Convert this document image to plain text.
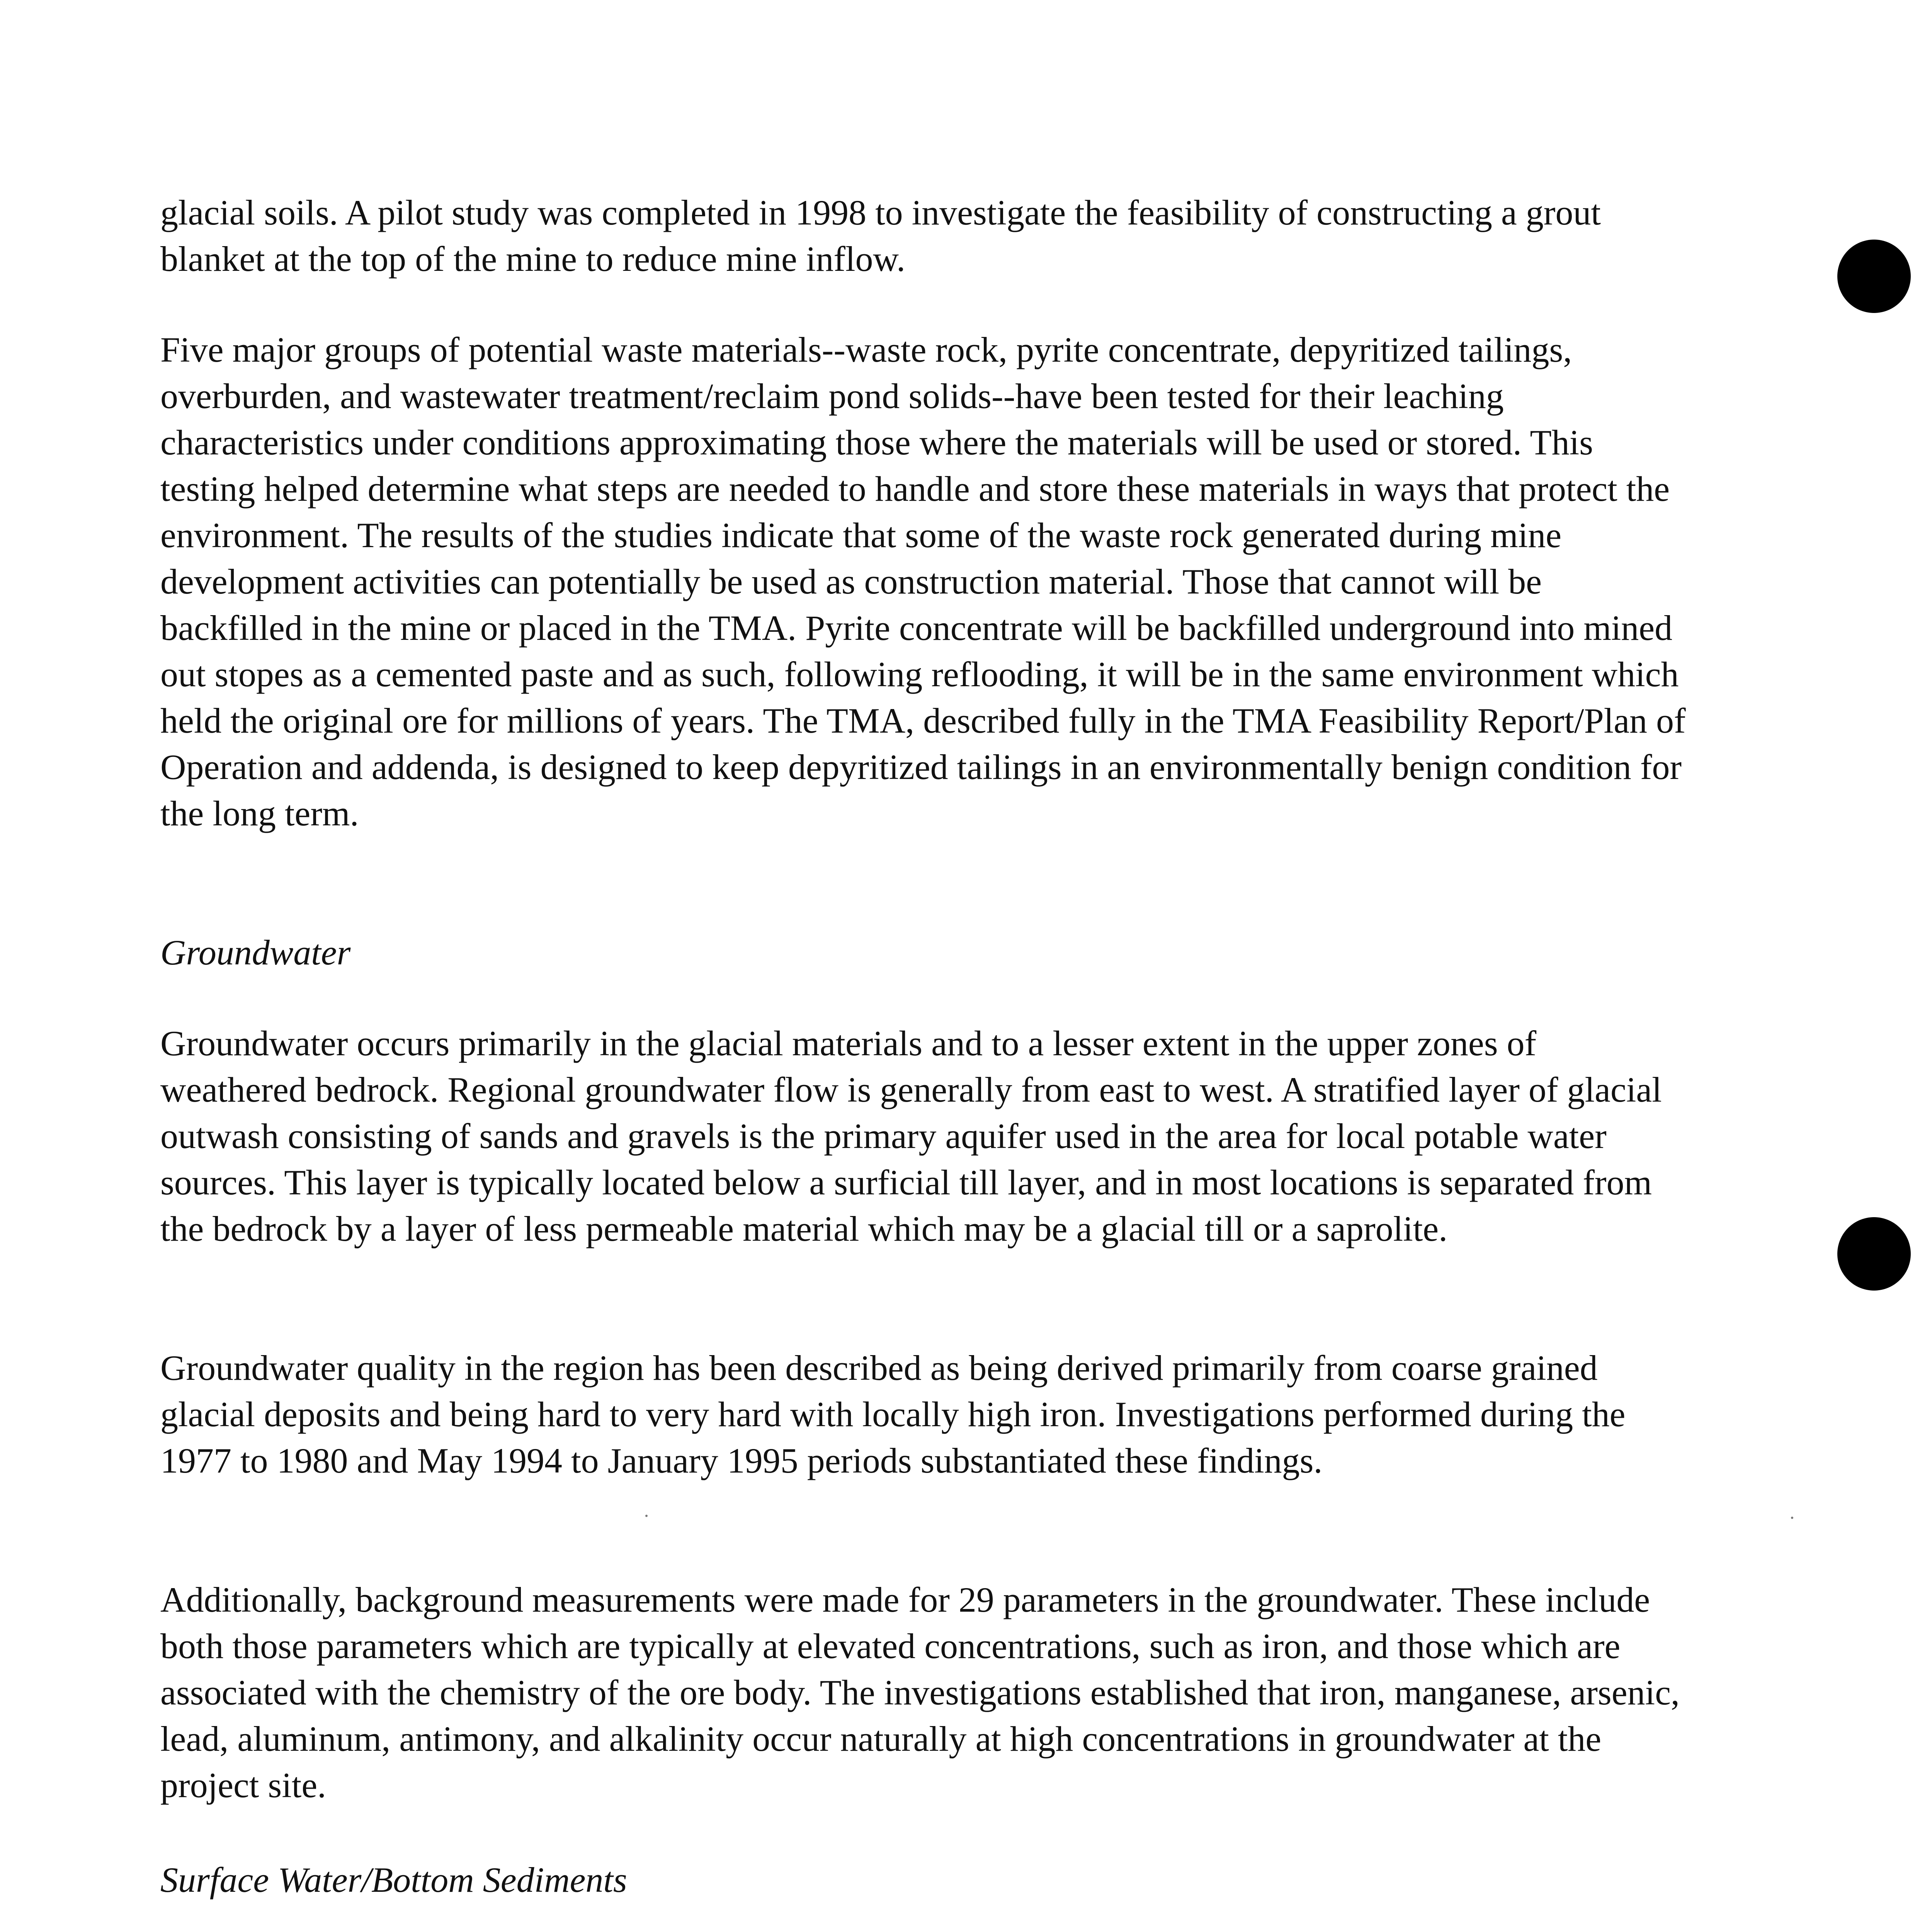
glacial soils. A pilot study was completed in 1998 to investigate the feasibility of constructing a grout blanket at the top of the mine to reduce mine inflow.

Five major groups of potential waste materials--waste rock, pyrite concentrate, depyritized tailings, overburden, and wastewater treatment/reclaim pond solids--have been tested for their leaching characteristics under conditions approximating those where the materials will be used or stored. This testing helped determine what steps are needed to handle and store these materials in ways that protect the environment. The results of the studies indicate that some of the waste rock generated during mine development activities can potentially be used as construction material. Those that cannot will be backfilled in the mine or placed in the TMA. Pyrite concentrate will be backfilled underground into mined out stopes as a cemented paste and as such, following reflooding, it will be in the same environment which held the original ore for millions of years. The TMA, described fully in the TMA Feasibility Report/Plan of Operation and addenda, is designed to keep depyritized tailings in an environmentally benign condition for the long term.

Groundwater

Groundwater occurs primarily in the glacial materials and to a lesser extent in the upper zones of weathered bedrock. Regional groundwater flow is generally from east to west. A stratified layer of glacial outwash consisting of sands and gravels is the primary aquifer used in the area for local potable water sources. This layer is typically located below a surficial till layer, and in most locations is separated from the bedrock by a layer of less permeable material which may be a glacial till or a saprolite.

Groundwater quality in the region has been described as being derived primarily from coarse grained glacial deposits and being hard to very hard with locally high iron. Investigations performed during the 1977 to 1980 and May 1994 to January 1995 periods substantiated these findings.

Additionally, background measurements were made for 29 parameters in the groundwater. These include both those parameters which are typically at elevated concentrations, such as iron, and those which are associated with the chemistry of the ore body. The investigations established that iron, manganese, arsenic, lead, aluminum, antimony, and alkalinity occur naturally at high concentrations in groundwater at the project site.

Surface Water/Bottom Sediments
